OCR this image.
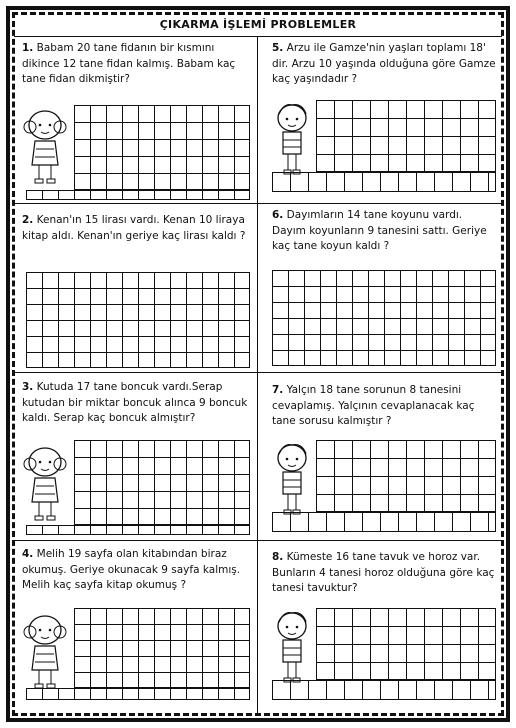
ÇIKARMA İŞLEMİ PROBLEMLER
1. Babam 20 tane fidanın bir kısmını dikince 12 tane fidan kalmış. Babam kaç tane fidan dikmiştir?
2. Kenan'ın 15 lirası vardı. Kenan 10 liraya kitap aldı. Kenan'ın geriye kaç lirası kaldı ?
3. Kutuda 17 tane boncuk vardı.Serap kutudan bir miktar boncuk alınca 9 boncuk kaldı. Serap kaç boncuk almıştır?
4. Melih 19 sayfa olan kitabından biraz okumuş. Geriye okunacak 9 sayfa kalmış. Melih kaç sayfa kitap okumuş ?
5. Arzu ile Gamze'nin yaşları toplamı 18' dir. Arzu 10 yaşında olduğuna göre Gamze kaç yaşındadır ?
6. Dayımların 14 tane koyunu vardı. Dayım koyunların 9 tanesini sattı. Geriye kaç tane koyun kaldı ?
7. Yalçın 18 tane sorunun 8 tanesini cevaplamış. Yalçının cevaplanacak kaç tane sorusu kalmıştır ?
8. Kümeste 16 tane tavuk ve horoz var. Bunların 4 tanesi horoz olduğuna göre kaç tanesi tavuktur?
